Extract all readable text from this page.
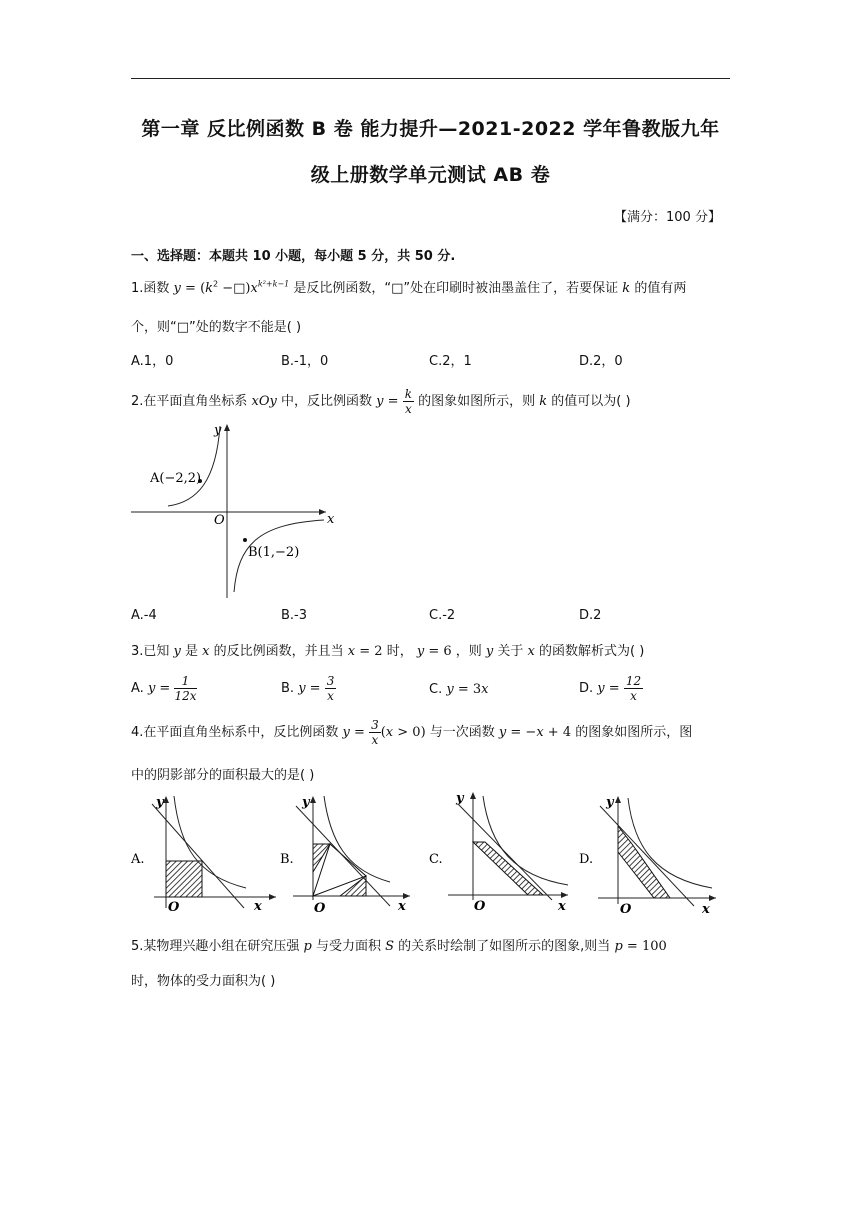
第一章 反比例函数 B 卷 能力提升—2021-2022 学年鲁教版九年
级上册数学单元测试 AB 卷
【满分：100 分】
一、选择题：本题共 10 小题，每小题 5 分，共 50 分.
1.函数 $y = (k^2$ $-□)x^{k^2+k-1}$ 是反比例函数，“□”处在印刷时被油墨盖住了，若要保证 k 的值有两
个，则“□”处的数字不能是( )
A.1，0	B.-1，0	C.2，1	D.2，0
2.在平面直角坐标系 xOy 中，反比例函数 $y = \frac{k}{x}$ 的图象如图所示，则 k 的值可以为( )
x
y
O
A(−2,2)
B(1,−2)
A.-4	B.-3	C.-2	D.2
3.已知 y 是 x 的反比例函数，并且当 x = 2 时， y = 6 ，则 y 关于 x 的函数解析式为( )
A. $y = \frac{1}{12x}$	B. $y = \frac{3}{x}$	C. y = 3x	D. $y = \frac{12}{x}$
4.在平面直角坐标系中，反比例函数 $y = \frac{3}{x} (x > 0)$ 与一次函数 y = −x + 4 的图象如图所示，图
中的阴影部分的面积最大的是( )
A.
y
x
O
B.
y
x
O
C.
y
x
O
D.
y
x
O
5.某物理兴趣小组在研究压强 p 与受力面积 S 的关系时绘制了如图所示的图象,则当 p = 100
时，物体的受力面积为( )
